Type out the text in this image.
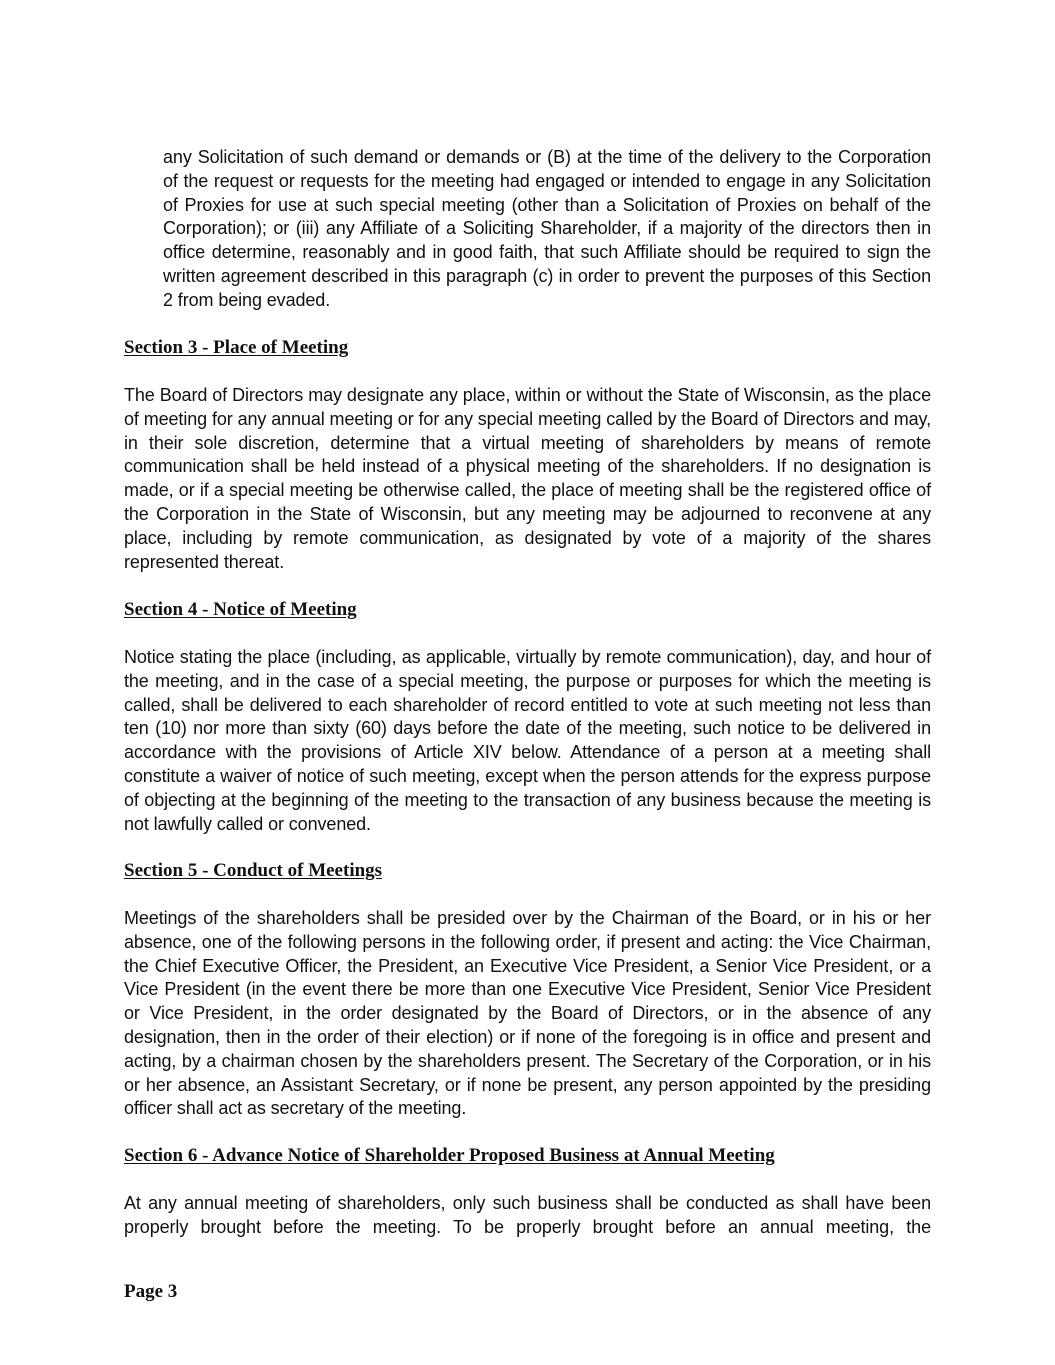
any Solicitation of such demand or demands or (B) at the time of the delivery to the Corporation of the request or requests for the meeting had engaged or intended to engage in any Solicitation of Proxies for use at such special meeting (other than a Solicitation of Proxies on behalf of the Corporation); or (iii) any Affiliate of a Soliciting Shareholder, if a majority of the directors then in office determine, reasonably and in good faith, that such Affiliate should be required to sign the written agreement described in this paragraph (c) in order to prevent the purposes of this Section 2 from being evaded.

Section 3 - Place of Meeting

The Board of Directors may designate any place, within or without the State of Wisconsin, as the place of meeting for any annual meeting or for any special meeting called by the Board of Directors and may, in their sole discretion, determine that a virtual meeting of shareholders by means of remote communication shall be held instead of a physical meeting of the shareholders. If no designation is made, or if a special meeting be otherwise called, the place of meeting shall be the registered office of the Corporation in the State of Wisconsin, but any meeting may be adjourned to reconvene at any place, including by remote communication, as designated by vote of a majority of the shares represented thereat.

Section 4 - Notice of Meeting

Notice stating the place (including, as applicable, virtually by remote communication), day, and hour of the meeting, and in the case of a special meeting, the purpose or purposes for which the meeting is called, shall be delivered to each shareholder of record entitled to vote at such meeting not less than ten (10) nor more than sixty (60) days before the date of the meeting, such notice to be delivered in accordance with the provisions of Article XIV below. Attendance of a person at a meeting shall constitute a waiver of notice of such meeting, except when the person attends for the express purpose of objecting at the beginning of the meeting to the transaction of any business because the meeting is not lawfully called or convened.

Section 5 - Conduct of Meetings

Meetings of the shareholders shall be presided over by the Chairman of the Board, or in his or her absence, one of the following persons in the following order, if present and acting: the Vice Chairman, the Chief Executive Officer, the President, an Executive Vice President, a Senior Vice President, or a Vice President (in the event there be more than one Executive Vice President, Senior Vice President or Vice President, in the order designated by the Board of Directors, or in the absence of any designation, then in the order of their election) or if none of the foregoing is in office and present and acting, by a chairman chosen by the shareholders present. The Secretary of the Corporation, or in his or her absence, an Assistant Secretary, or if none be present, any person appointed by the presiding officer shall act as secretary of the meeting.

Section 6 - Advance Notice of Shareholder Proposed Business at Annual Meeting

At any annual meeting of shareholders, only such business shall be conducted as shall have been properly brought before the meeting. To be properly brought before an annual meeting, the

Page 3
